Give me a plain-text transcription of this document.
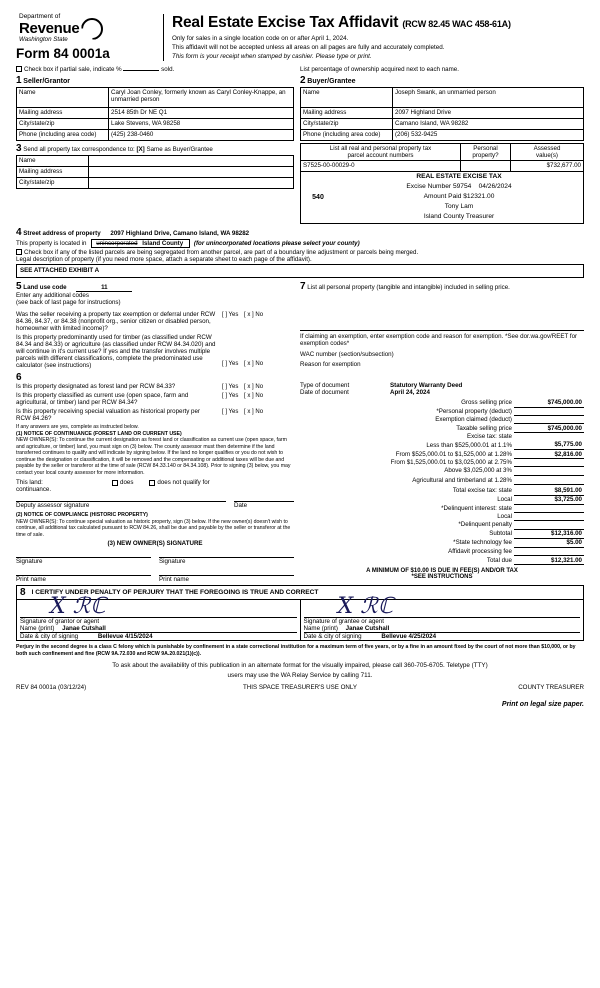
Department of
Revenue
Washington State
Form 84 0001a
Real Estate Excise Tax Affidavit (RCW 82.45 WAC 458-61A)
Only for sales in a single location code on or after April 1, 2024.
This affidavit will not be accepted unless all areas on all pages are fully and accurately completed.
This form is your receipt when stamped by cashier. Please type or print.
Check box if partial sale, indicate %	sold.	List percentage of ownership acquired next to each name.
1 Seller/Grantor
Name	Caryl Joan Conley, formerly known as Caryl Conley-Knappe, an unmarried person
Mailing address	2514 85th Dr NE Q1
City/state/zip	Lake Stevens, WA 98258
Phone (including area code)	(425) 238-0460
2 Buyer/Grantee
Name	Joseph Swank, an unmarried person
Mailing address	2097 Highland Drive
City/state/zip	Camano Island, WA 98282
Phone (including area code)	(206) 532-9425
3 Send all property tax correspondence to: [X] Same as Buyer/Grantee
Name	
Mailing address	
City/state/zip	
List all real and personal property tax
parcel account numbers	Personal
property?	Assessed
value(s)
S7525-00-00029-0		$732,677.00

540
REAL ESTATE EXCISE TAX
Excise Number 59754 04/26/2024
Amount Paid $12321.00
Tony Lam
Island County Treasurer
4 Street address of property 2097 Highland Drive, Camano Island, WA 98282
This property is located in unincorporated Island County (for unincorporated locations please select your county)
Check box if any of the listed parcels are being segregated from another parcel, are part of a boundary line adjustment or parcels being merged.
Legal description of property (if you need more space, attach a separate sheet to each page of the affidavit).
SEE ATTACHED EXHIBIT A
5 Land use code	11
Enter any additional codes
(see back of last page for instructions)
Was the seller receiving a property tax exemption or deferral under RCW 84.36, 84.37, or 84.38 (nonprofit org., senior citizen or disabled person, homeowner with limited income)?
[ ] Yes [ x ] No
Is this property predominantly used for timber (as classified under RCW 84.34 and 84.33) or agriculture (as classified under RCW 84.34.020) and will continue in it's current use? If yes and the transfer involves multiple parcels with different classifications, complete the predominated use calculator (see instructions)	[ ] Yes [ x ] No
6
Is this property designated as forest land per RCW 84.33?	[ ] Yes [ x ] No
Is this property classified as current use (open space, farm and agricultural, or timber) land per RCW 84.34?
[ ] Yes [ x ] No
Is this property receiving special valuation as historical property per RCW 84.26?
[ ] Yes [ x ] No
If any answers are yes, complete as instructed below.
(1) NOTICE OF CONTINUANCE (FOREST LAND OR CURRENT USE)
NEW OWNER(S): To continue the current designation as forest land or classification as current use (open space, farm and agriculture, or timber) land, you must sign on (3) below. The county assessor must then determine if the land transferred continues to qualify and will indicate by signing below. If the land no longer qualifies or you do not wish to continue the designation or classification, it will be removed and the compensating or additional taxes will be due and payable by the seller or transferor at the time of sale (RCW 84.33.140 or 84.34.108). Prior to signing (3) below, you may contact your local county assessor for more information.
This land:	does	does not qualify for
continuance.
Deputy assessor signature	Date
(2) NOTICE OF COMPLIANCE (HISTORIC PROPERTY)
NEW OWNER(S): To continue special valuation as historic property, sign (3) below. If the new owner(s) doesn't wish to continue, all additional tax calculated pursuant to RCW 84.26, shall be due and payable by the seller or transferor at the time of sale.
(3) NEW OWNER(S) SIGNATURE
Signature	Signature
Print name	Print name
7 List all personal property (tangible and intangible) included in selling price.
If claiming an exemption, enter exemption code and reason for exemption. *See dor.wa.gov/REET for exemption codes*
WAC number (section/subsection)
Reason for exemption
Type of document	Statutory Warranty Deed
Date of document	April 24, 2024
Gross selling price	$745,000.00
*Personal property (deduct)	
Exemption claimed (deduct)	
Taxable selling price	$745,000.00
Excise tax: state	
Less than $525,000.01 at 1.1%	$5,775.00
From $525,000.01 to $1,525,000 at 1.28%	$2,816.00
From $1,525,000.01 to $3,025,000 at 2.75%	
Above $3,025,000 at 3%	

Agricultural and timberland at 1.28%	

Total excise tax: state	$8,591.00
Local	$3,725.00
*Delinquent interest: state	
Local	
*Delinquent penalty	
Subtotal	$12,316.00
*State technology fee	$5.00
Affidavit processing fee	
Total due	$12,321.00
A MINIMUM OF $10.00 IS DUE IN FEE(S) AND/OR TAX
*SEE INSTRUCTIONS
8 I CERTIFY UNDER PENALTY OF PERJURY THAT THE FOREGOING IS TRUE AND CORRECT
X ℛℂ
Signature of grantor or agent
Name (print) Janae Cutshall
Date & city of signing	Bellevue 4/15/2024
X ℛℂ
Signature of grantee or agent
Name (print) Janae Cutshall
Date & city of signing	Bellevue 4/25/2024
Perjury in the second degree is a class C felony which is punishable by confinement in a state correctional institution for a maximum term of five years, or by a fine in an amount fixed by the court of not more than $10,000, or by both such confinement and fine (RCW 9A.72.030 and RCW 9A.20.021(1)(c)).
To ask about the availability of this publication in an alternate format for the visually impaired, please call 360-705-6705. Teletype (TTY)
users may use the WA Relay Service by calling 711.
REV 84 0001a (03/12/24)	THIS SPACE TREASURER'S USE ONLY	COUNTY TREASURER
Print on legal size paper.
